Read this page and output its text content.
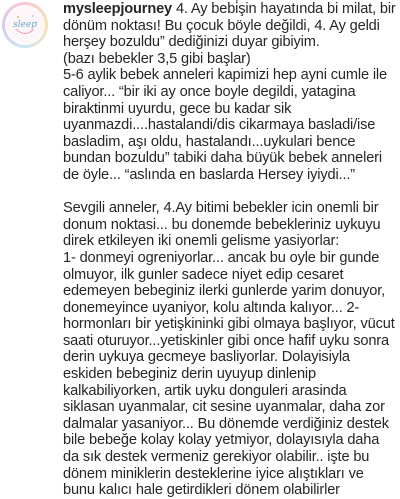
sleep
mysleepjourney 4. Ay bebi̇şin hayatında bi milat, bir dönüm noktası! Bu çocuk böyle değildi, 4. Ay geldi herşey bozuldu” dediğinizi duyar gibiyim.
(bazı bebekler 3,5 gibi başlar)
5-6 aylik bebek anneleri kapimizi hep ayni cumle ile caliyor... “bir iki ay once boyle degildi, yatagina biraktinmi uyurdu, gece bu kadar sik uyanmazdi....hastalandi/dis cikarmaya basladi/ise basladim, aşı oldu, hastalandı...uykulari bence bundan bozuldu” tabiki daha büyük bebek anneleri de öyle... “aslında en baslarda Hersey iyiydi...”
Sevgili anneler, 4.Ay bitimi bebekler icin onemli bir donum noktasi... bu donemde bebekleriniz uykuyu direk etkileyen iki onemli gelisme yasiyorlar:
1- donmeyi ogreniyorlar... ancak bu oyle bir gunde olmuyor, ilk gunler sadece niyet edip cesaret edemeyen bebeginiz ilerki gunlerde yarim donuyor, donemeyince uyaniyor, kolu altında kalıyor... 2- hormonları bir yetişkininki gibi olmaya başlıyor, vücut saati oturuyor...yetiskinler gibi once hafif uyku sonra derin uykuya gecmeye basliyorlar. Dolayisiyla eskiden bebeginiz derin uyuyup dinlenip kalkabiliyorken, artik uyku donguleri arasinda siklasan uyanmalar, cit sesine uyanmalar, daha zor dalmalar yasaniyor... Bu dönemde verdiğiniz destek bile bebeğe kolay kolay yetmiyor, dolayısıyla daha da sık destek vermeniz gerekiyor olabilir.. işte bu dönem miniklerin desteklerine iyice alıştıkları ve bunu kalıcı hale getirdikleri dönem olabilirler
